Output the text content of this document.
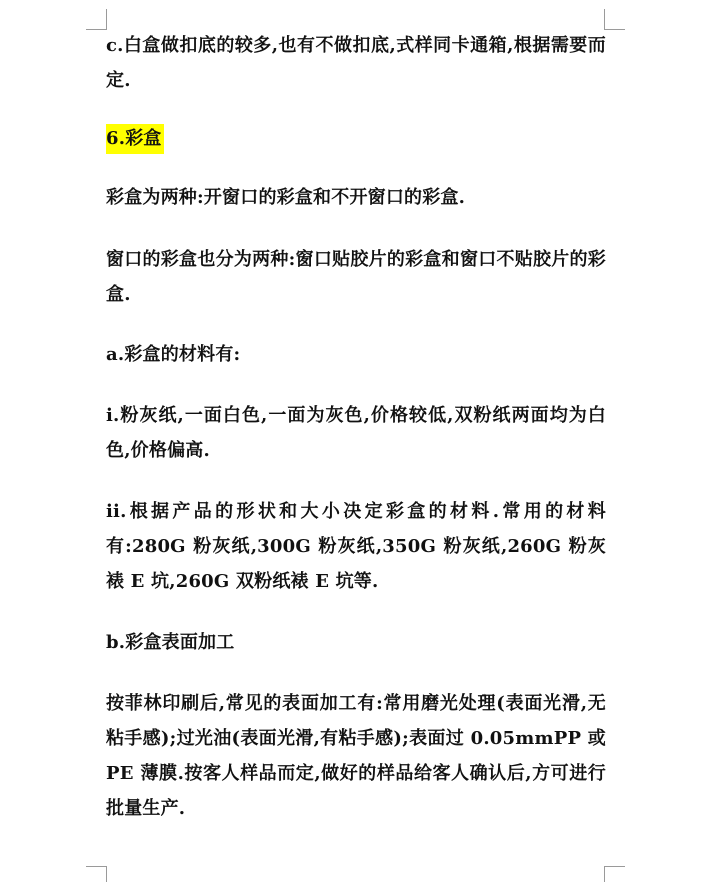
c.白盒做扣底的较多,也有不做扣底,式样同卡通箱,根据需要而定.

6.彩盒

彩盒为两种:开窗口的彩盒和不开窗口的彩盒.

窗口的彩盒也分为两种:窗口贴胶片的彩盒和窗口不贴胶片的彩盒.

a.彩盒的材料有:

i.粉灰纸,一面白色,一面为灰色,价格较低,双粉纸两面均为白色,价格偏高.

ii.根据产品的形状和大小决定彩盒的材料.常用的材料有:280G 粉灰纸,300G 粉灰纸,350G 粉灰纸,260G 粉灰裱 E 坑,260G 双粉纸裱 E 坑等.

b.彩盒表面加工

按菲林印刷后,常见的表面加工有:常用磨光处理(表面光滑,无粘手感);过光油(表面光滑,有粘手感);表面过 0.05mmPP 或 PE 薄膜.按客人样品而定,做好的样品给客人确认后,方可进行批量生产.
